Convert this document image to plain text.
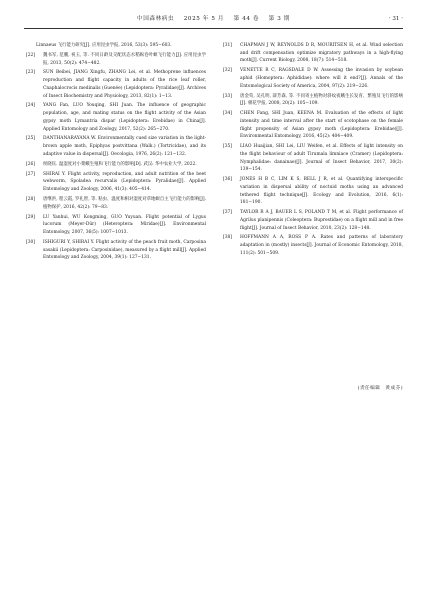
中国森林病虫 2025 年 5 月 第 44 卷 第 3 期	· 31 ·
Linnaeus 飞行能力研究[J]. 应用昆虫学报, 2016, 53(3): 595−603.
[22] 魏书军, 范鹏, 祝玉, 等. 不同日龄及交配状态水稻纵卷叶螟飞行能力[J]. 应用昆虫学报, 2013, 50(2): 474−482.
[23] SUN Beibei, JIANG Xingfu, ZHANG Lei, et al. Methoprene influences reproduction and flight capacity in adults of the rice leaf roller, Cnaphalocrocis medinalis (Guenée) (Lepidoptera: Pyralidae)[J]. Archives of Insect Biochemistry and Physiology, 2013, 82(1): 1−13.
[24] YANG Fan, LUO Youqing, SHI Juan. The influence of geographic population, age, and mating status on the flight activity of the Asian gypsy moth Lymantria dispar (Lepidoptera: Erebidae) in China[J]. Applied Entomology and Zoology, 2017, 52(2): 265−270.
[25] DANTHANARAYANA W. Environmentally cued size variation in the light-brown apple moth, Epiphyas postvittana (Walk.) (Tortricidae), and its adaptive value in dispersal[J]. Oecologia, 1976, 26(2): 121−132.
[26] 侯晓钰. 温湿度对小菜蛾生殖和飞行能力的影响[D]. 武汉: 华中农业大学, 2022.
[27] SHIRAI Y. Flight activity, reproduction, and adult nutrition of the beet webworm, Spoladea recurvalis (Lepidoptera: Pyralidae)[J]. Applied Entomology and Zoology, 2006, 41(3): 405−414.
[28] 唐继洪, 程云霞, 罗礼智, 等. 粘虫、温度和相对湿度对草地螟自主飞行能力的影响[J]. 植物保护, 2016, 42(2): 79−83.
[29] LU Yanhui, WU Kongming, GUO Yuyuan. Flight potential of Lygus lucorum (Meyer-Dür) (Heteroptera: Miridae)[J]. Environmental Entomology, 2007, 36(5): 1007−1013.
[30] ISHIGURI Y, SHIRAI Y. Flight activity of the peach fruit moth, Carposina sasakii (Lepidoptera: Carposinidae), measured by a flight mill[J]. Applied Entomology and Zoology, 2004, 39(1): 127−131.
[31] CHAPMAN J W, REYNOLDS D R, MOURITSEN H, et al. Wind selection and drift compensation optimize migratory pathways in a high-flying moth[J]. Current Biology, 2008, 18(7): 514−518.
[32] VENETTE R C, RAGSDALE D W. Assessing the invasion by soybean aphid (Homoptera: Aphididae): where will it end?[J]. Annals of the Entomological Society of America, 2004, 97(2): 219−226.
[33] 唐金苟, 吴孔明, 薛芳森, 等. 不同寄主植物对斜纹夜蛾生长发育、繁殖及飞行的影响[J]. 棉花学报, 2008, 20(2): 105−109.
[34] CHEN Fang, SHI Juan, KEENA M. Evaluation of the effects of light intensity and time interval after the start of scotophase on the female flight propensity of Asian gypsy moth (Lepidoptera: Erebidae)[J]. Environmental Entomology, 2016, 45(2): 404−409.
[35] LIAO Huaijian, SHI Lei, LIU Weifen, et al. Effects of light intensity on the flight behaviour of adult Tirumala limniace (Cramer) (Lepidoptera: Nymphalidae: danainae)[J]. Journal of Insect Behavior, 2017, 30(2): 139−154.
[36] JONES H B C, LIM K S, BELL J R, et al. Quantifying interspecific variation in dispersal ability of noctuid moths using an advanced tethered flight technique[J]. Ecology and Evolution, 2016, 6(1): 181−190.
[37] TAYLOR R A J, BAUER L S, POLAND T M, et al. Flight performance of Agrilus planipennis (Coleoptera: Buprestidae) on a flight mill and in free flight[J]. Journal of Insect Behavior, 2010, 23(2): 128−148.
[38] HOFFMANN A A, ROSS P A. Rates and patterns of laboratory adaptation in (mostly) insects[J]. Journal of Economic Entomology, 2018, 111(2): 501−509.
(责任编辑　黄成芬)
